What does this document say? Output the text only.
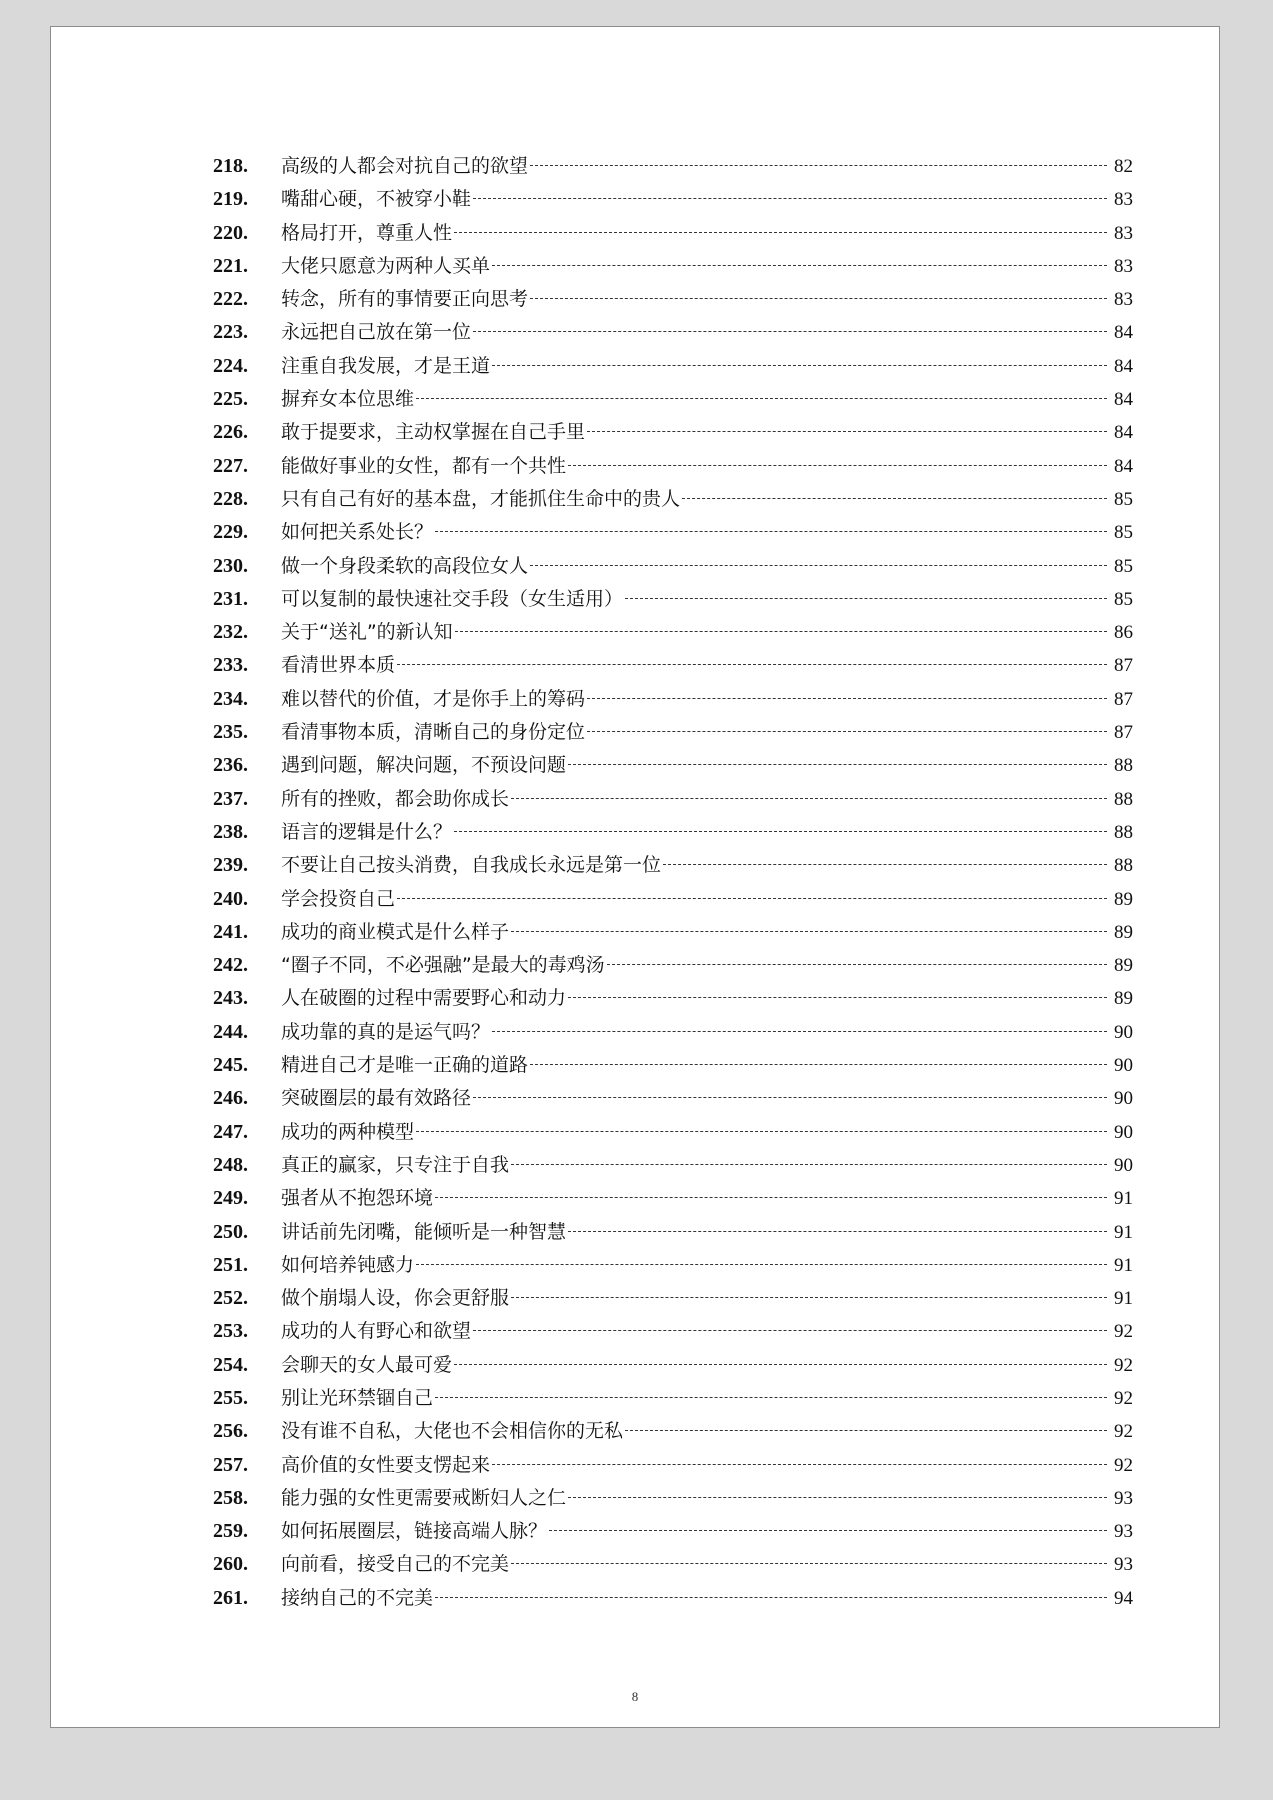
218.	高级的人都会对抗自己的欲望	82
219.	嘴甜心硬，不被穿小鞋	83
220.	格局打开，尊重人性	83
221.	大佬只愿意为两种人买单	83
222.	转念，所有的事情要正向思考	83
223.	永远把自己放在第一位	84
224.	注重自我发展，才是王道	84
225.	摒弃女本位思维	84
226.	敢于提要求，主动权掌握在自己手里	84
227.	能做好事业的女性，都有一个共性	84
228.	只有自己有好的基本盘，才能抓住生命中的贵人	85
229.	如何把关系处长？	85
230.	做一个身段柔软的高段位女人	85
231.	可以复制的最快速社交手段（女生适用）	85
232.	关于“送礼”的新认知	86
233.	看清世界本质	87
234.	难以替代的价值，才是你手上的筹码	87
235.	看清事物本质，清晰自己的身份定位	87
236.	遇到问题，解决问题，不预设问题	88
237.	所有的挫败，都会助你成长	88
238.	语言的逻辑是什么？	88
239.	不要让自己按头消费，自我成长永远是第一位	88
240.	学会投资自己	89
241.	成功的商业模式是什么样子	89
242.	“圈子不同，不必强融”是最大的毒鸡汤	89
243.	人在破圈的过程中需要野心和动力	89
244.	成功靠的真的是运气吗？	90
245.	精进自己才是唯一正确的道路	90
246.	突破圈层的最有效路径	90
247.	成功的两种模型	90
248.	真正的赢家，只专注于自我	90
249.	强者从不抱怨环境	91
250.	讲话前先闭嘴，能倾听是一种智慧	91
251.	如何培养钝感力	91
252.	做个崩塌人设，你会更舒服	91
253.	成功的人有野心和欲望	92
254.	会聊天的女人最可爱	92
255.	别让光环禁锢自己	92
256.	没有谁不自私，大佬也不会相信你的无私	92
257.	高价值的女性要支愣起来	92
258.	能力强的女性更需要戒断妇人之仁	93
259.	如何拓展圈层，链接高端人脉？	93
260.	向前看，接受自己的不完美	93
261.	接纳自己的不完美	94
8
